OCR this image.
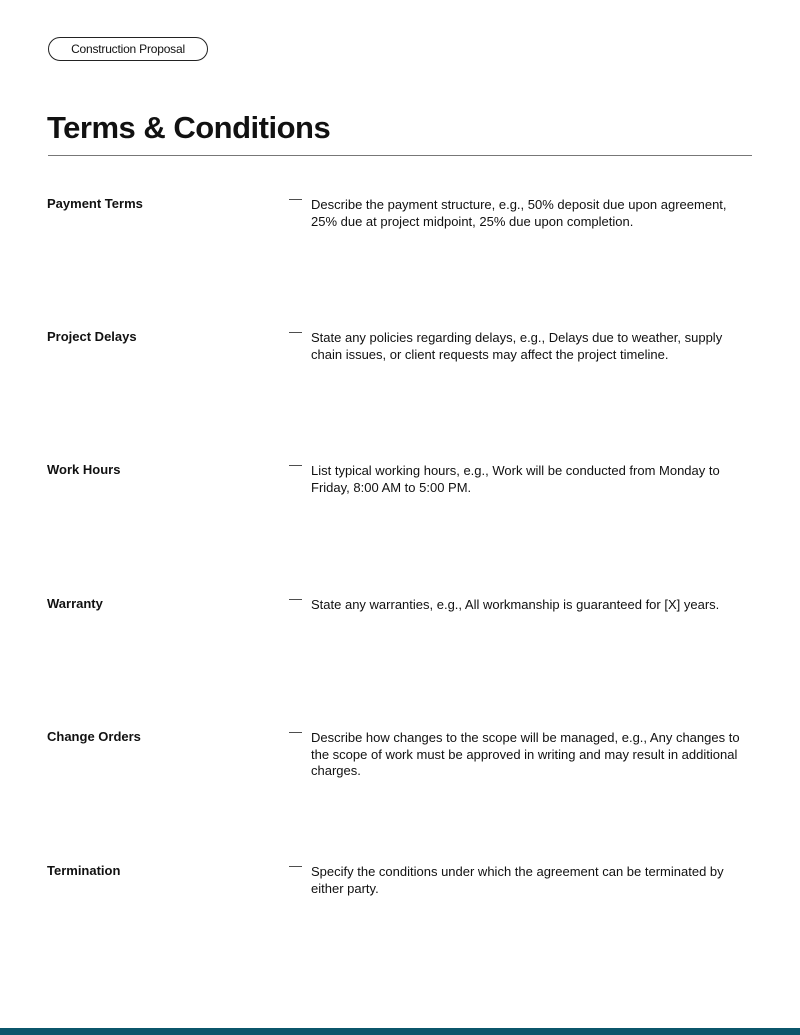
Construction Proposal
Terms & Conditions
Payment Terms	— Describe the payment structure, e.g., 50% deposit due upon agreement, 25% due at project midpoint, 25% due upon completion.
Project Delays	— State any policies regarding delays, e.g., Delays due to weather, supply chain issues, or client requests may affect the project timeline.
Work Hours	— List typical working hours, e.g., Work will be conducted from Monday to Friday, 8:00 AM to 5:00 PM.
Warranty	— State any warranties, e.g., All workmanship is guaranteed for [X] years.
Change Orders	— Describe how changes to the scope will be managed, e.g., Any changes to the scope of work must be approved in writing and may result in additional charges.
Termination	— Specify the conditions under which the agreement can be terminated by either party.
